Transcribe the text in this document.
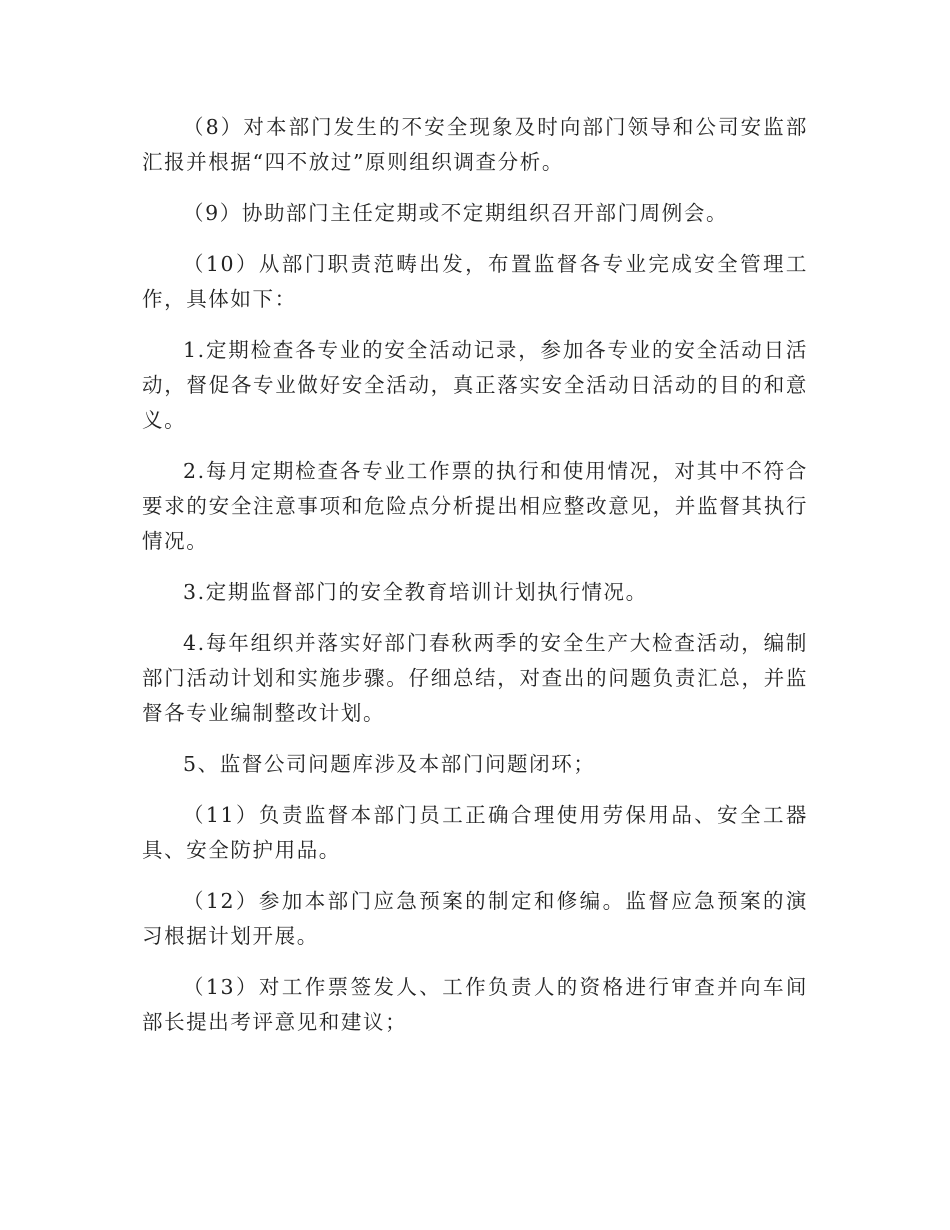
（8）对本部门发生的不安全现象及时向部门领导和公司安监部汇报并根据“四不放过”原则组织调查分析。

（9）协助部门主任定期或不定期组织召开部门周例会。

（10）从部门职责范畴出发，布置监督各专业完成安全管理工作，具体如下：

1.定期检查各专业的安全活动记录，参加各专业的安全活动日活动，督促各专业做好安全活动，真正落实安全活动日活动的目的和意义。

2.每月定期检查各专业工作票的执行和使用情况，对其中不符合要求的安全注意事项和危险点分析提出相应整改意见，并监督其执行情况。

3.定期监督部门的安全教育培训计划执行情况。

4.每年组织并落实好部门春秋两季的安全生产大检查活动，编制部门活动计划和实施步骤。仔细总结，对查出的问题负责汇总，并监督各专业编制整改计划。

5、监督公司问题库涉及本部门问题闭环；

（11）负责监督本部门员工正确合理使用劳保用品、安全工器具、安全防护用品。

（12）参加本部门应急预案的制定和修编。监督应急预案的演习根据计划开展。

（13）对工作票签发人、工作负责人的资格进行审查并向车间部长提出考评意见和建议；
